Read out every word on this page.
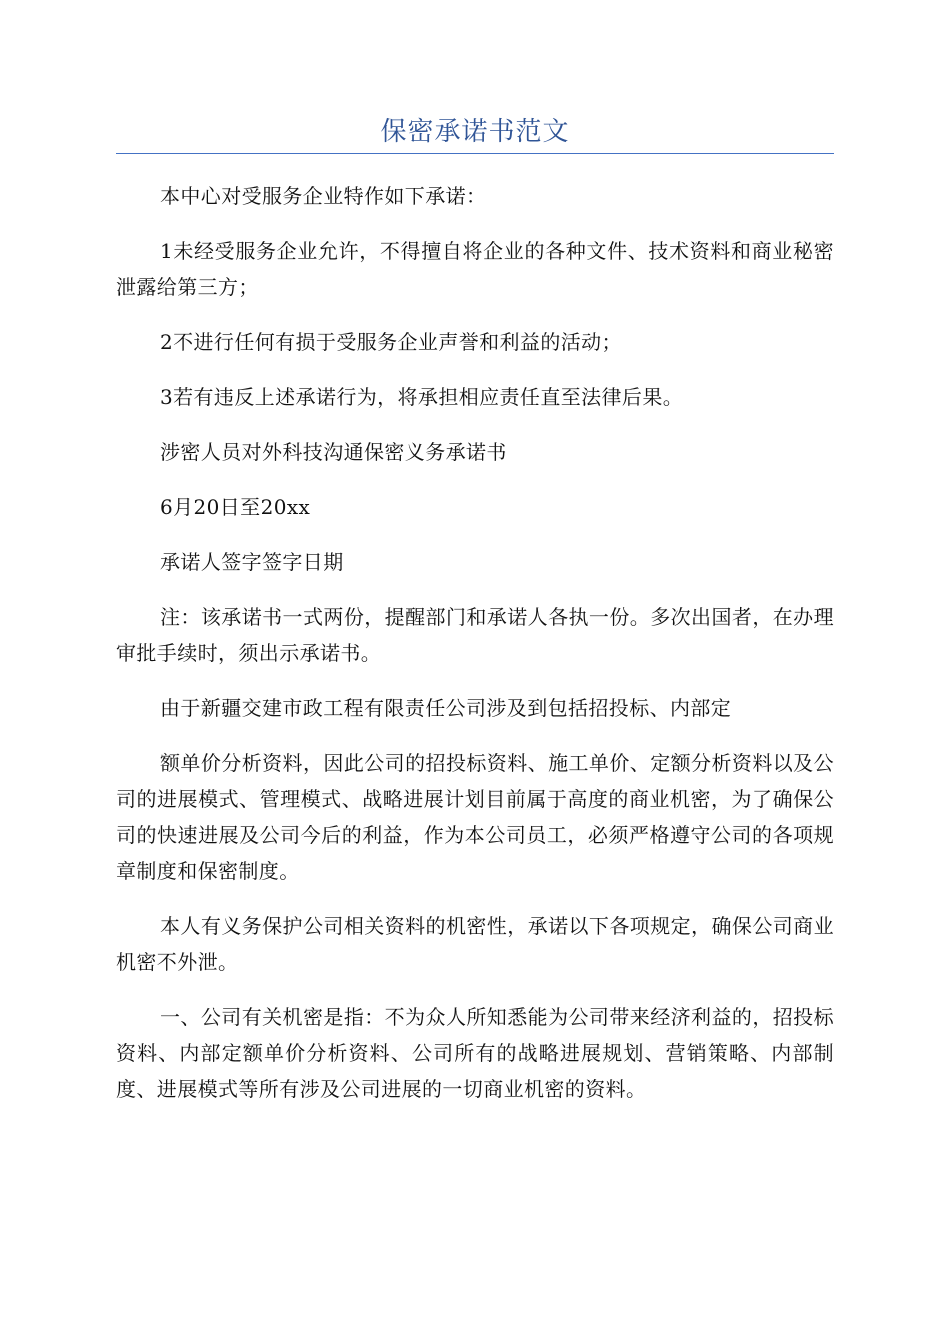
保密承诺书范文

本中心对受服务企业特作如下承诺：

1未经受服务企业允许，不得擅自将企业的各种文件、技术资料和商业秘密泄露给第三方；

2不进行任何有损于受服务企业声誉和利益的活动；

3若有违反上述承诺行为，将承担相应责任直至法律后果。

涉密人员对外科技沟通保密义务承诺书

6月20日至20xx

承诺人签字签字日期

注：该承诺书一式两份，提醒部门和承诺人各执一份。多次出国者，在办理审批手续时，须出示承诺书。

由于新疆交建市政工程有限责任公司涉及到包括招投标、内部定

额单价分析资料，因此公司的招投标资料、施工单价、定额分析资料以及公司的进展模式、管理模式、战略进展计划目前属于高度的商业机密，为了确保公司的快速进展及公司今后的利益，作为本公司员工，必须严格遵守公司的各项规章制度和保密制度。

本人有义务保护公司相关资料的机密性，承诺以下各项规定，确保公司商业机密不外泄。

一、公司有关机密是指：不为众人所知悉能为公司带来经济利益的，招投标资料、内部定额单价分析资料、公司所有的战略进展规划、营销策略、内部制度、进展模式等所有涉及公司进展的一切商业机密的资料。
